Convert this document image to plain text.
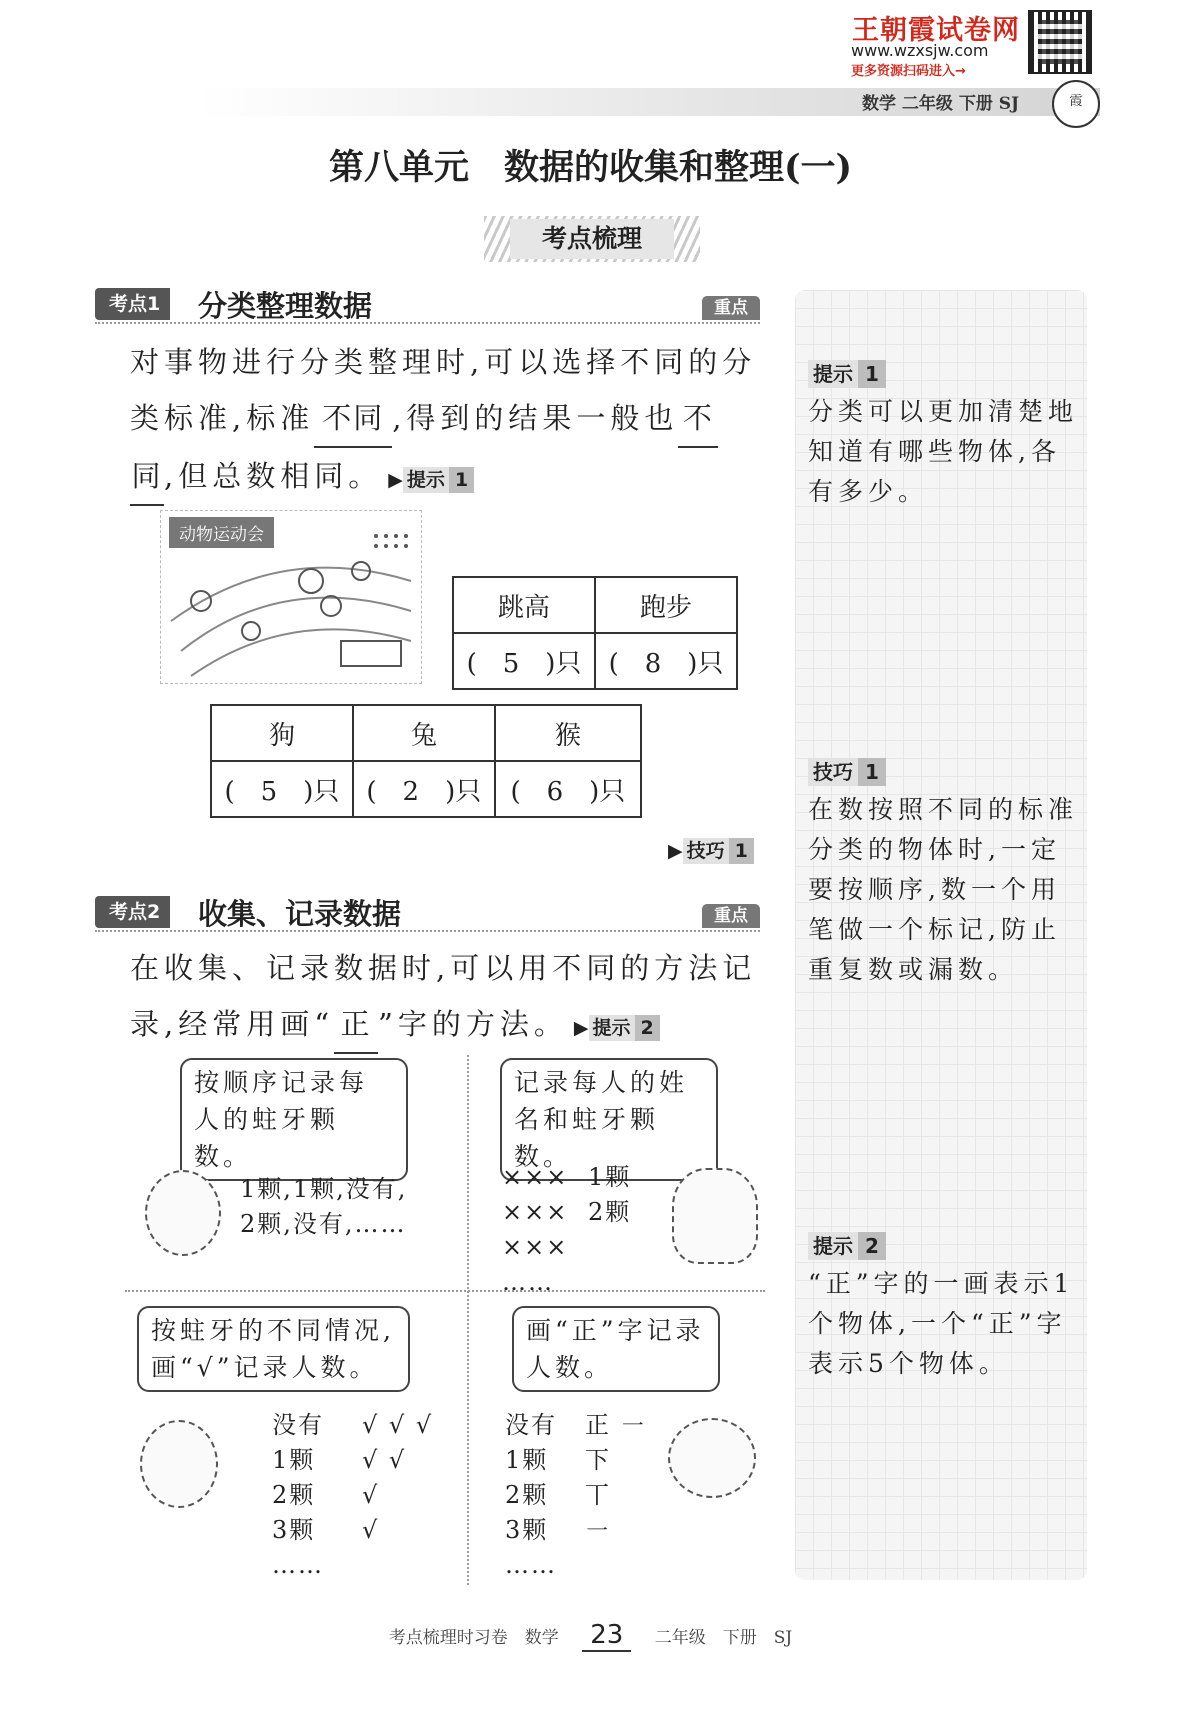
王朝霞试卷网
www.wzxsjw.com
更多资源扫码进入→
数学 二年级 下册 SJ	霞
第八单元　数据的收集和整理(一)
考点梳理
考点1	分类整理数据	重点
对事物进行分类整理时,可以选择不同的分
类标准,标准 不同 ,得到的结果一般也 不
同,但总数相同。 ▶ 提示 1
动物运动会
跳高	跑步
(　5　)只	(　8　)只
狗	兔	猴
(　5　)只	(　2　)只	(　6　)只
▶ 技巧 1
考点2	收集、记录数据	重点
在收集、记录数据时,可以用不同的方法记
录,经常用画“ 正 ”字的方法。 ▶ 提示 2
按顺序记录每人的蛀牙颗数。
1颗,1颗,没有,
2颗,没有,……
记录每人的姓名和蛀牙颗数。
××× 1颗
××× 2颗
×××
……
按蛀牙的不同情况,画“√”记录人数。
没有 √ √ √
1颗 √ √
2颗 √
3颗 √
……
画“正”字记录人数。
没有 正 ㇐
1颗 下
2颗 丅
3颗 ㇐
……
提示 1
分类可以更加清楚地知道有哪些物体,各有多少。
技巧 1
在数按照不同的标准分类的物体时,一定要按顺序,数一个用笔做一个标记,防止重复数或漏数。
提示 2
“正”字的一画表示1个物体,一个“正”字表示5个物体。
考点梳理时习卷　数学 23 二年级　下册　SJ
